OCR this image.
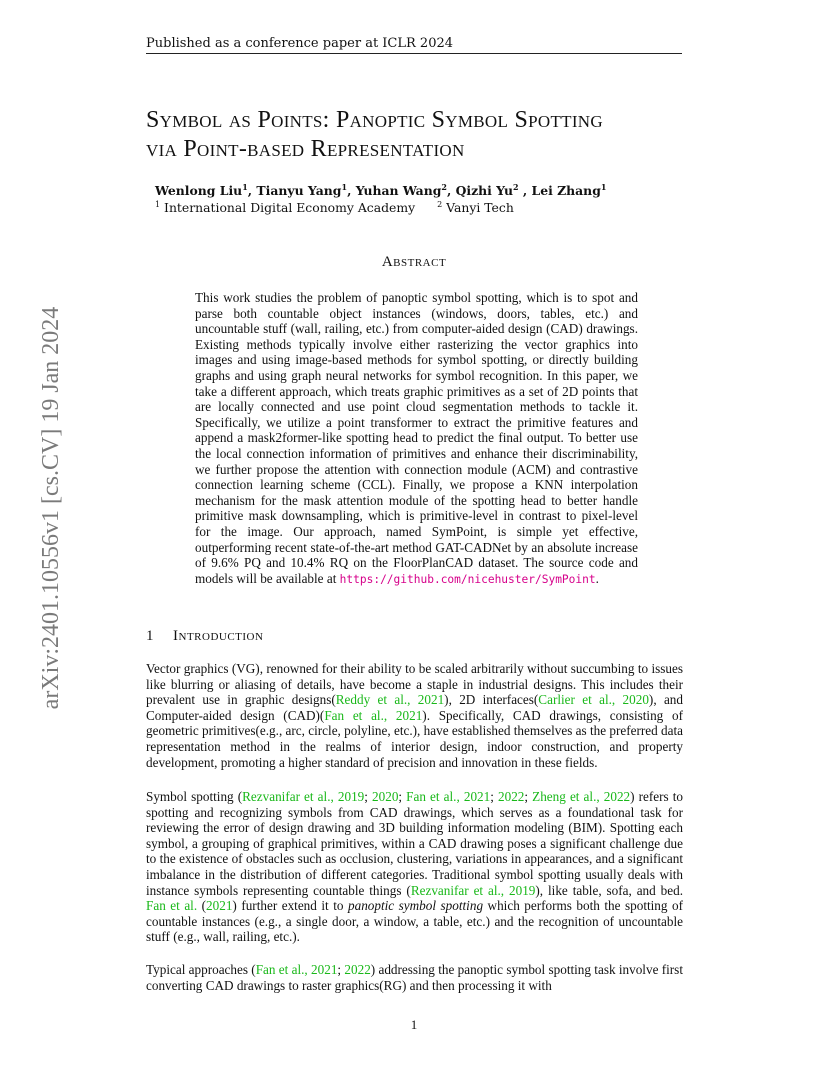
Published as a conference paper at ICLR 2024
arXiv:2401.10556v1 [cs.CV] 19 Jan 2024
Symbol as Points: Panoptic Symbol Spotting
via Point-based Representation
Wenlong Liu$^1$, Tianyu Yang$^1$, Yuhan Wang$^2$, Qizhi Yu$^2$ , Lei Zhang$^1$
$^1$ International Digital Economy Academy	$^2$ Vanyi Tech
Abstract

This work studies the problem of panoptic symbol spotting, which is to spot and parse both countable object instances (windows, doors, tables, etc.) and uncountable stuff (wall, railing, etc.) from computer-aided design (CAD) drawings. Existing methods typically involve either rasterizing the vector graphics into images and using image-based methods for symbol spotting, or directly building graphs and using graph neural networks for symbol recognition. In this paper, we take a different approach, which treats graphic primitives as a set of 2D points that are locally connected and use point cloud segmentation methods to tackle it. Specifically, we utilize a point transformer to extract the primitive features and append a mask2former-like spotting head to predict the final output. To better use the local connection information of primitives and enhance their discriminability, we further propose the attention with connection module (ACM) and contrastive connection learning scheme (CCL). Finally, we propose a KNN interpolation mechanism for the mask attention module of the spotting head to better handle primitive mask downsampling, which is primitive-level in contrast to pixel-level for the image. Our approach, named SymPoint, is simple yet effective, outperforming recent state-of-the-art method GAT-CADNet by an absolute increase of 9.6% PQ and 10.4% RQ on the FloorPlanCAD dataset. The source code and models will be available at https://github.com/nicehuster/SymPoint.

1 Introduction

Vector graphics (VG), renowned for their ability to be scaled arbitrarily without succumbing to issues like blurring or aliasing of details, have become a staple in industrial designs. This includes their prevalent use in graphic designs(Reddy et al., 2021), 2D interfaces(Carlier et al., 2020), and Computer-aided design (CAD)(Fan et al., 2021). Specifically, CAD drawings, consisting of geometric primitives(e.g., arc, circle, polyline, etc.), have established themselves as the preferred data representation method in the realms of interior design, indoor construction, and property development, promoting a higher standard of precision and innovation in these fields.

Symbol spotting (Rezvanifar et al., 2019; 2020; Fan et al., 2021; 2022; Zheng et al., 2022) refers to spotting and recognizing symbols from CAD drawings, which serves as a foundational task for reviewing the error of design drawing and 3D building information modeling (BIM). Spotting each symbol, a grouping of graphical primitives, within a CAD drawing poses a significant challenge due to the existence of obstacles such as occlusion, clustering, variations in appearances, and a significant imbalance in the distribution of different categories. Traditional symbol spotting usually deals with instance symbols representing countable things (Rezvanifar et al., 2019), like table, sofa, and bed. Fan et al. (2021) further extend it to panoptic symbol spotting which performs both the spotting of countable instances (e.g., a single door, a window, a table, etc.) and the recognition of uncountable stuff (e.g., wall, railing, etc.).

Typical approaches (Fan et al., 2021; 2022) addressing the panoptic symbol spotting task involve first converting CAD drawings to raster graphics(RG) and then processing it with

1
